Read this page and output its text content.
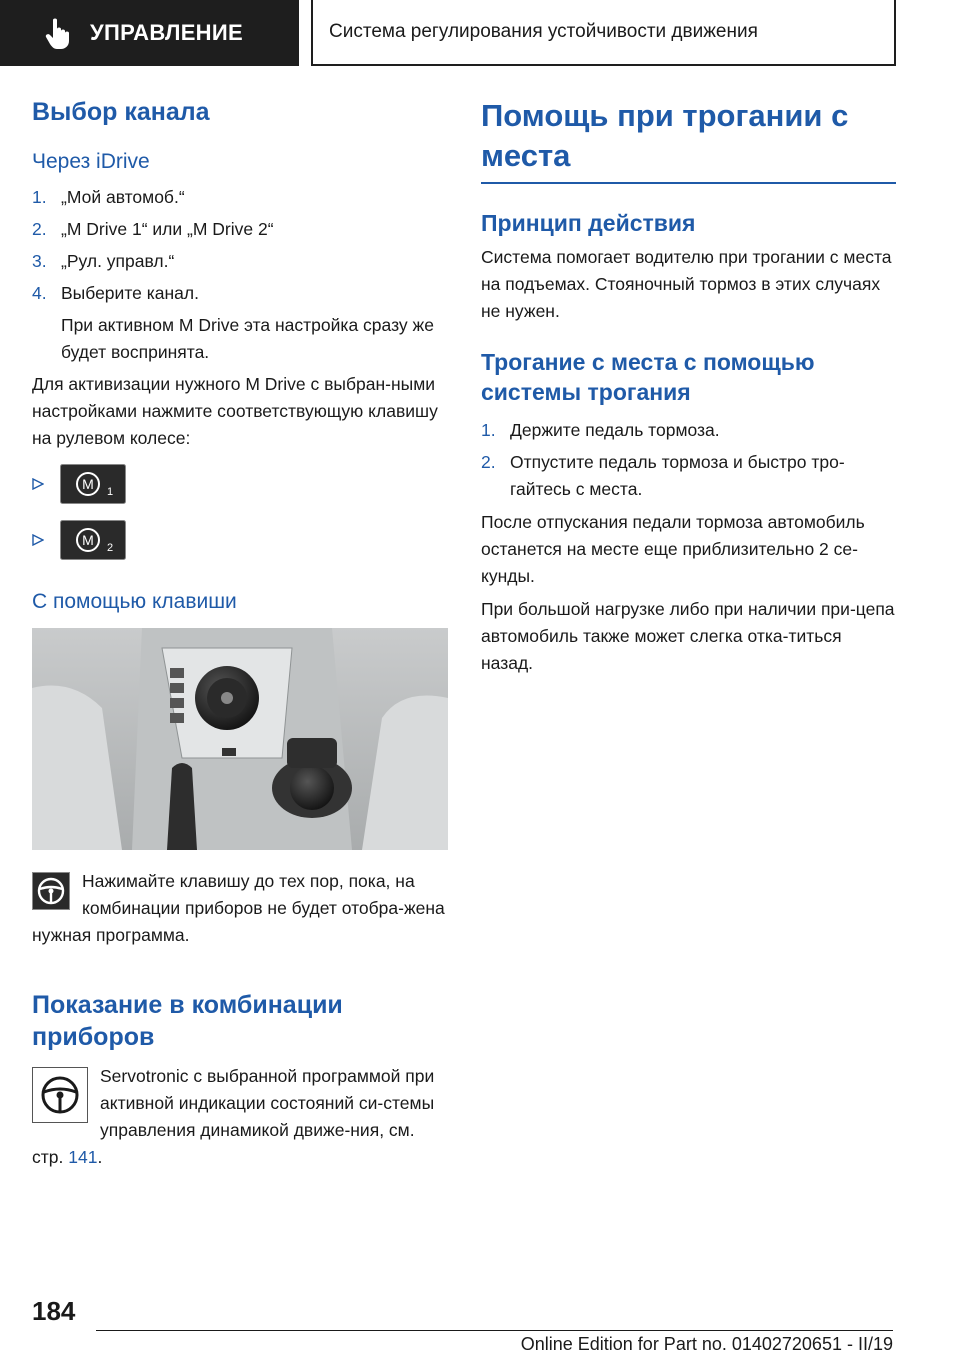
УПРАВЛЕНИЕ	Система регулирования устойчивости движения
Выбор канала
Через iDrive
1. „Мой автомоб.“
2. „M Drive 1“ или „M Drive 2“
3. „Рул. управл.“
4. Выберите канал.
При активном M Drive эта настройка сразу же будет воспринята.
Для активизации нужного M Drive с выбран-ными настройками нажмите соответствующую клавишу на рулевом колесе:
M 1
M 2
С помощью клавиши
Нажимайте клавишу до тех пор, пока, на комбинации приборов не будет отобра-жена нужная программа.
Показание в комбинации приборов
Servotronic с выбранной программой при активной индикации состояний си-стемы управления динамикой движе-ния, см. стр. 141.
Помощь при трогании с места
Принцип действия
Система помогает водителю при трогании с места на подъемах. Стояночный тормоз в этих случаях не нужен.
Трогание с места с помощью системы трогания
1. Держите педаль тормоза.
2. Отпустите педаль тормоза и быстро тро-гайтесь с места.
После отпускания педали тормоза автомобиль останется на месте еще приблизительно 2 се-кунды.
При большой нагрузке либо при наличии при-цепа автомобиль также может слегка отка-титься назад.
184
Online Edition for Part no. 01402720651 - II/19
